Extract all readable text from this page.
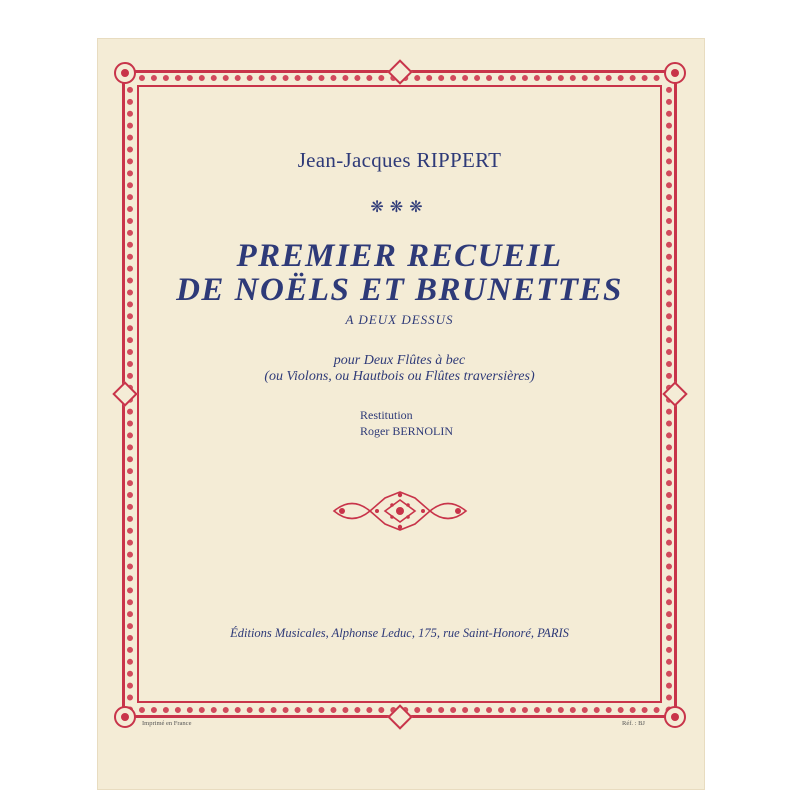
Jean-Jacques RIPPERT
❋❋❋
PREMIER RECUEIL
DE NOËLS ET BRUNETTES
A DEUX DESSUS
pour Deux Flûtes à bec
(ou Violons, ou Hautbois ou Flûtes traversières)
Restitution
Roger BERNOLIN
Éditions Musicales, Alphonse Leduc, 175, rue Saint-Honoré, PARIS
Imprimé en France	Réf. : BJ
